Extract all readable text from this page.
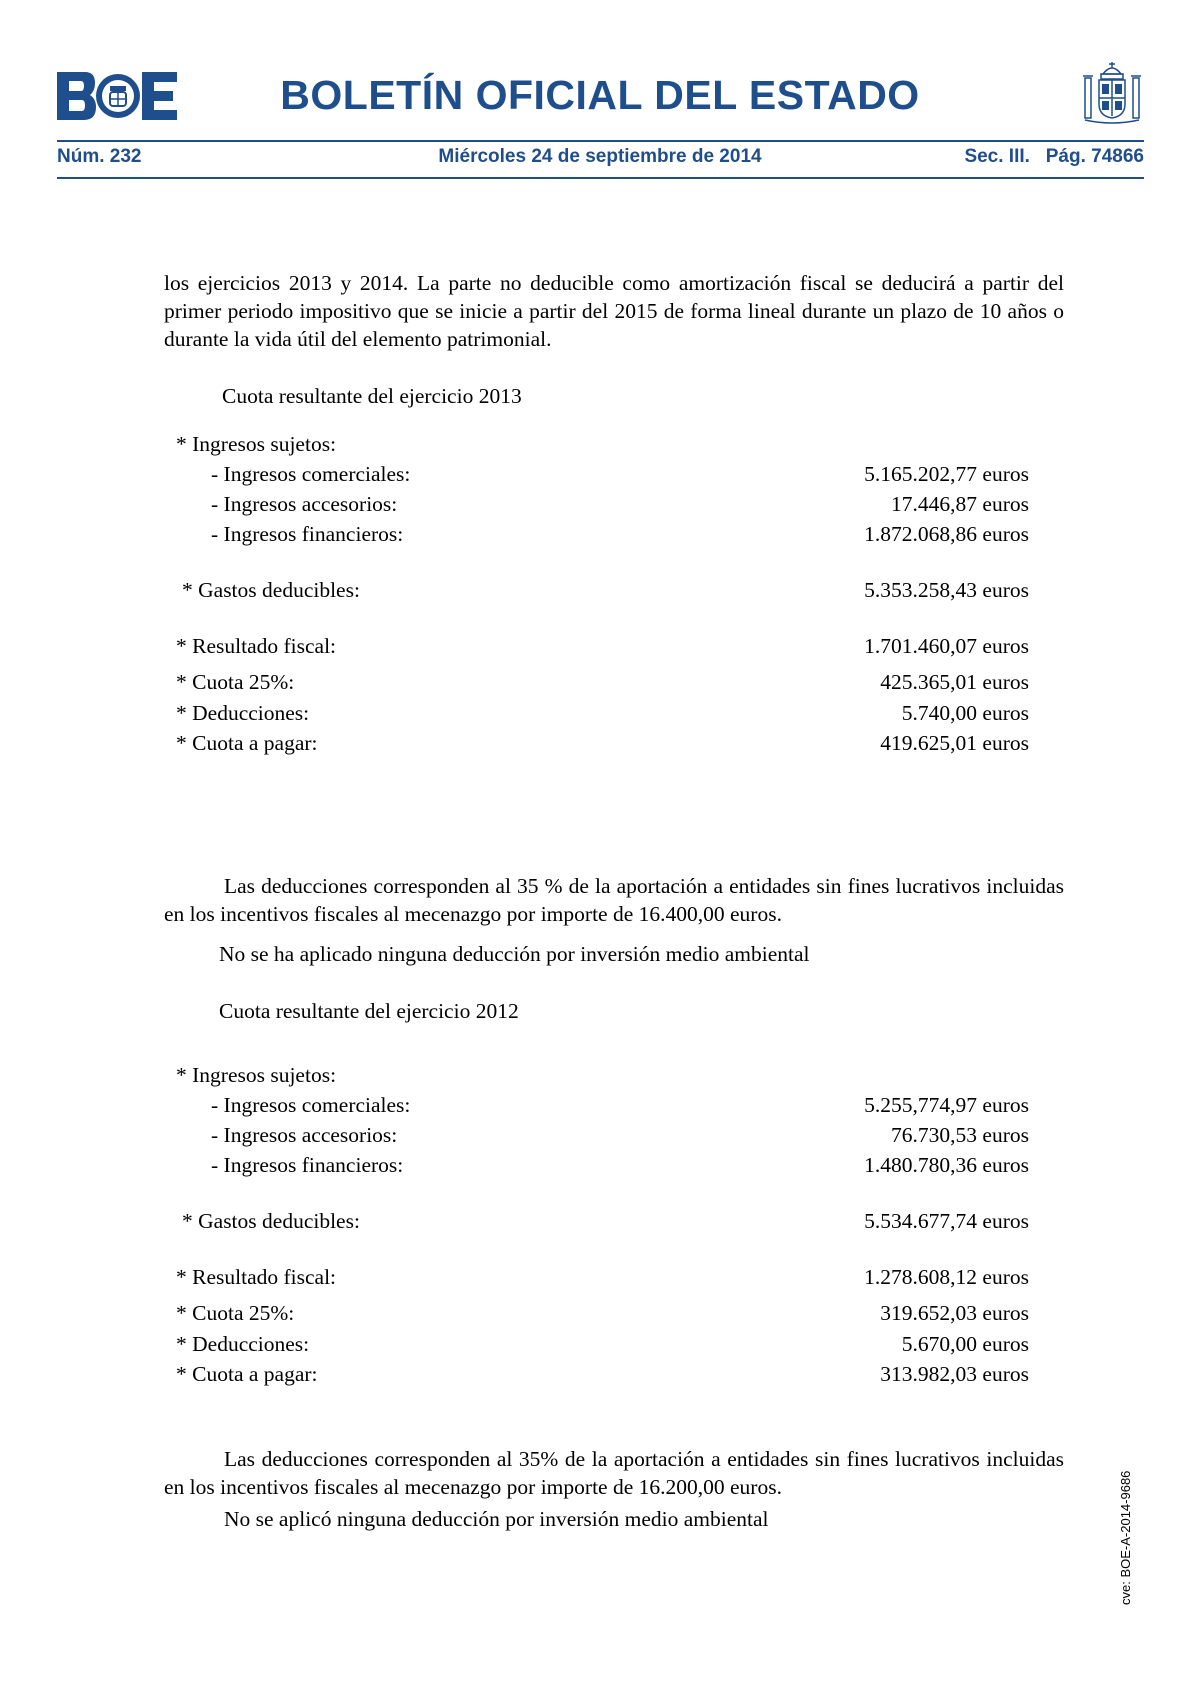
BOLETÍN OFICIAL DEL ESTADO
Núm. 232	Miércoles 24 de septiembre de 2014	Sec. III.   Pág. 74866
los ejercicios 2013 y 2014. La parte no deducible como amortización fiscal se deducirá a partir del primer periodo impositivo que se inicie a partir del 2015 de forma lineal durante un plazo de 10 años o durante la vida útil del elemento patrimonial.
Cuota resultante del ejercicio 2013
* Ingresos sujetos:
- Ingresos comerciales:	5.165.202,77 euros
- Ingresos accesorios:	17.446,87 euros
- Ingresos financieros:	1.872.068,86 euros
* Gastos deducibles:	5.353.258,43 euros
* Resultado fiscal:	1.701.460,07 euros
* Cuota 25%:	425.365,01 euros
* Deducciones:	5.740,00 euros
* Cuota a pagar:	419.625,01 euros
Las deducciones corresponden al 35 % de la aportación a entidades sin fines lucrativos incluidas en los incentivos fiscales al mecenazgo por importe de 16.400,00 euros.
No se ha aplicado ninguna deducción por inversión medio ambiental
Cuota resultante del ejercicio 2012
* Ingresos sujetos:
- Ingresos comerciales:	5.255,774,97 euros
- Ingresos accesorios:	76.730,53 euros
- Ingresos financieros:	1.480.780,36 euros
* Gastos deducibles:	5.534.677,74 euros
* Resultado fiscal:	1.278.608,12 euros
* Cuota 25%:	319.652,03 euros
* Deducciones:	5.670,00 euros
* Cuota a pagar:	313.982,03 euros
Las deducciones corresponden al 35% de la aportación a entidades sin fines lucrativos incluidas en los incentivos fiscales al mecenazgo por importe de 16.200,00 euros.
No se aplicó ninguna deducción por inversión medio ambiental	cve: BOE-A-2014-9686
